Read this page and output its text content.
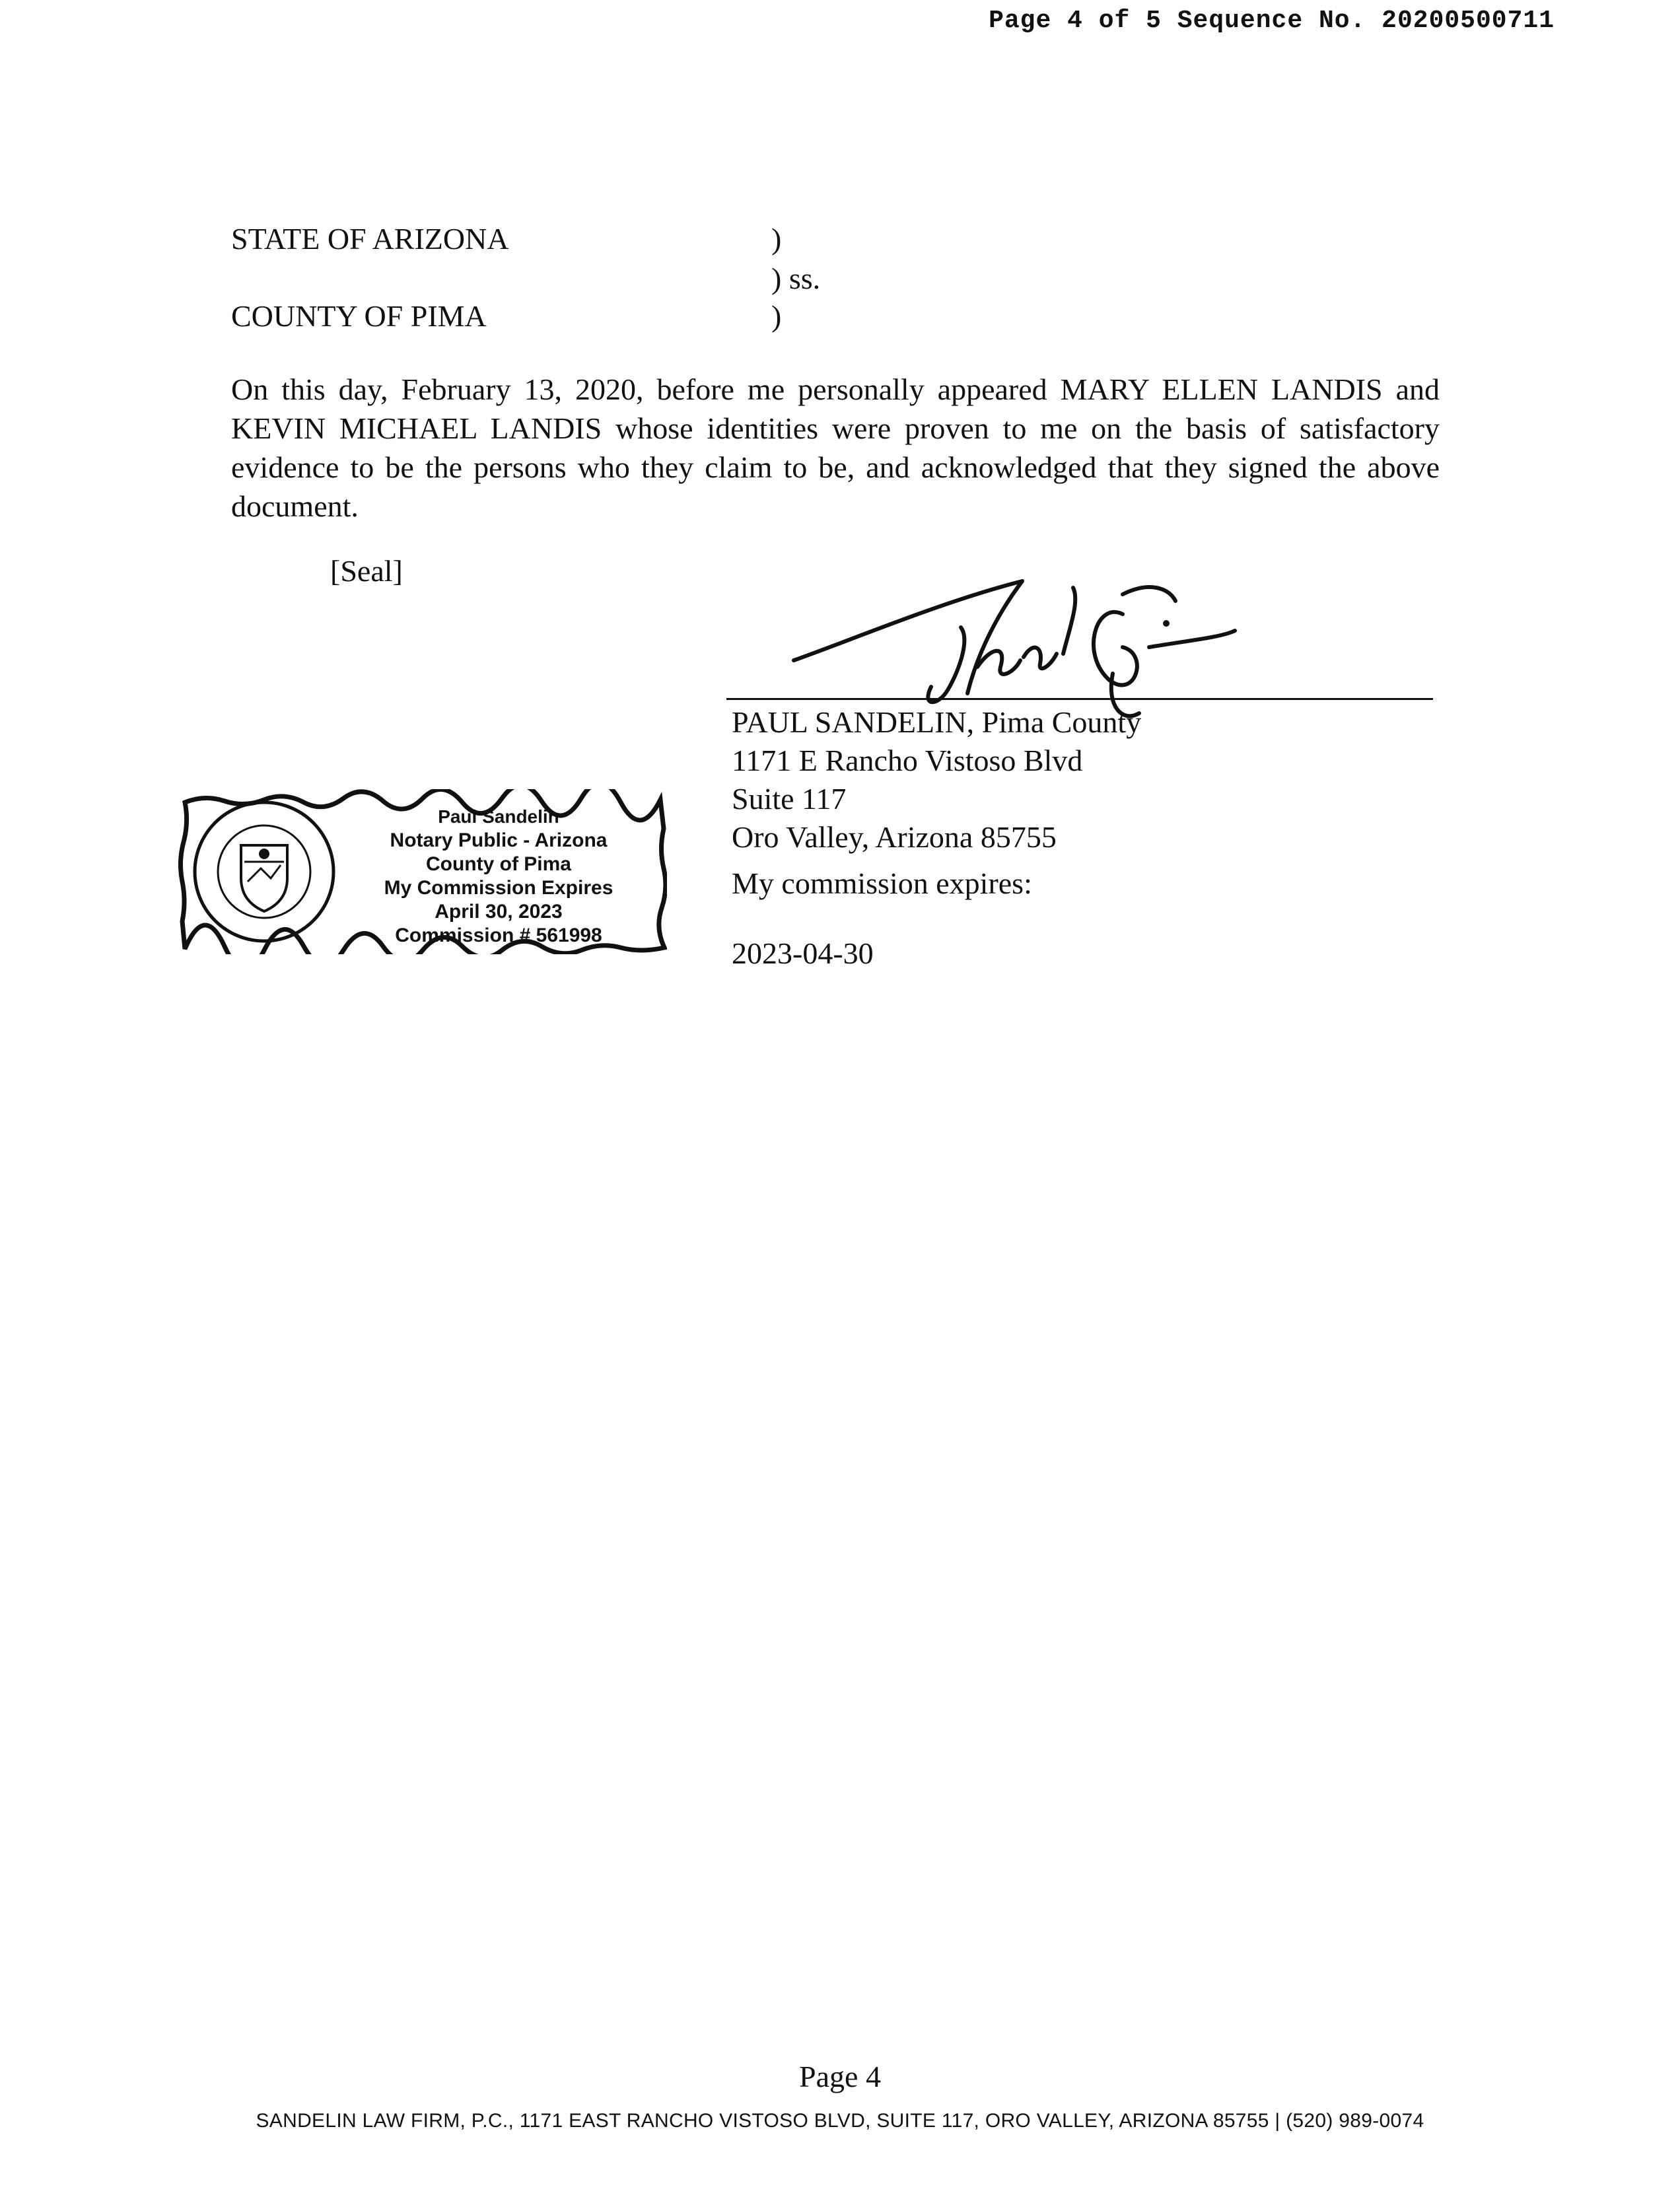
Page 4 of 5 Sequence No. 20200500711
STATE OF ARIZONA
COUNTY OF PIMA
)
) ss.
)
On this day, February 13, 2020, before me personally appeared MARY ELLEN LANDIS and KEVIN MICHAEL LANDIS whose identities were proven to me on the basis of satisfactory evidence to be the persons who they claim to be, and acknowledged that they signed the above document.
[Seal]
PAUL SANDELIN, Pima County
1171 E Rancho Vistoso Blvd
Suite 117
Oro Valley, Arizona 85755
My commission expires:
2023-04-30
Paul Sandelin
Notary Public - Arizona
County of Pima
My Commission Expires
April 30, 2023
Commission # 561998
Page 4
SANDELIN LAW FIRM, P.C., 1171 EAST RANCHO VISTOSO BLVD, SUITE 117, ORO VALLEY, ARIZONA 85755 | (520) 989-0074
